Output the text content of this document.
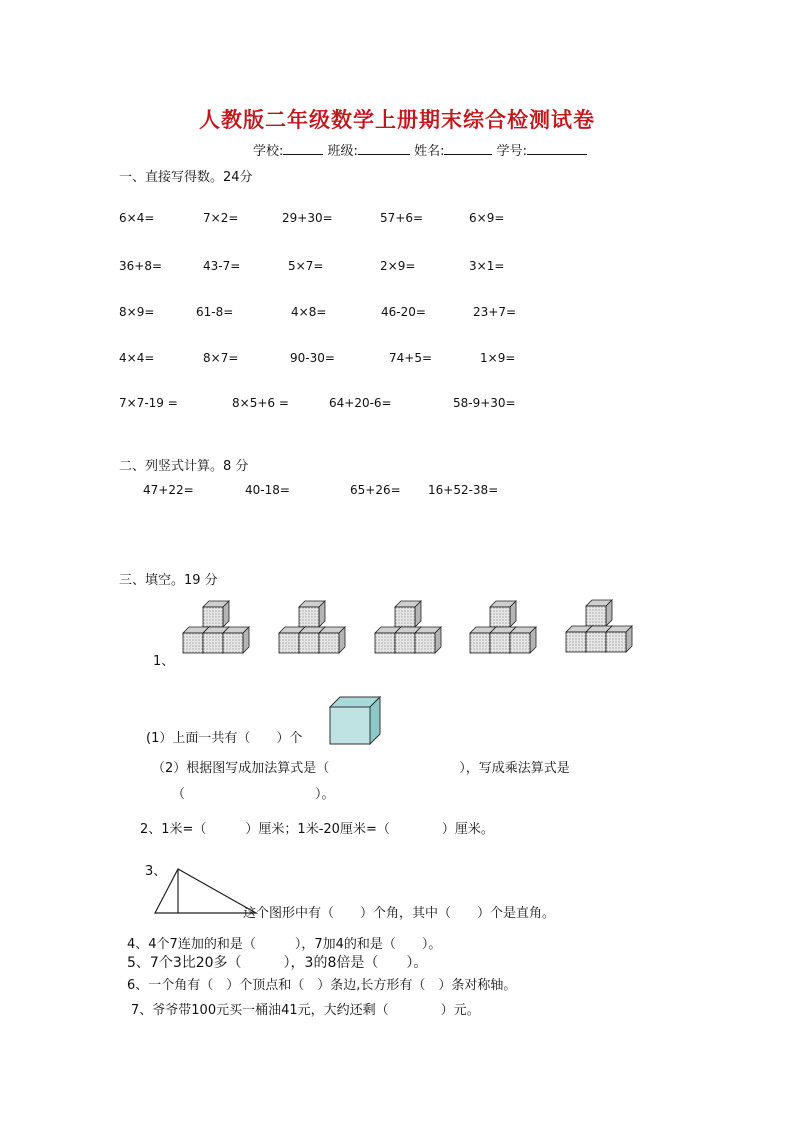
人教版二年级数学上册期末综合检测试卷
学校:	班级:	姓名:	学号:
一、直接写得数。24分
6×4=	7×2=	29+30=	57+6=	6×9=
36+8=	43-7=	5×7=	2×9=	3×1=
8×9=	61-8=	4×8=	46-20=	23+7=
4×4=	8×7=	90-30=	74+5=	1×9=
7×7-19 =	8×5+6 =	64+20-6=	58-9+30=
二、列竖式计算。8 分
47+22=	40-18=	65+26= 16+52-38=
三、填空。19 分
1、
(1）上面一共有（　　）个
（2）根据图写成加法算式是（　　　　　　　　　　），写成乘法算式是
（　　　　　　　　　　）。
2、1米=（　　　）厘米；1米-20厘米=（　　　　）厘米。
3、
这个图形中有（　　）个角，其中（　　）个是直角。
4、4个7连加的和是（　　　），7加4的和是（　　）。
5、7个3比20多（　　　），3的8倍是（　　）。
6、一个角有（　）个顶点和（　）条边,长方形有（　）条对称轴。
7、爷爷带100元买一桶油41元，大约还剩（　　　　）元。
